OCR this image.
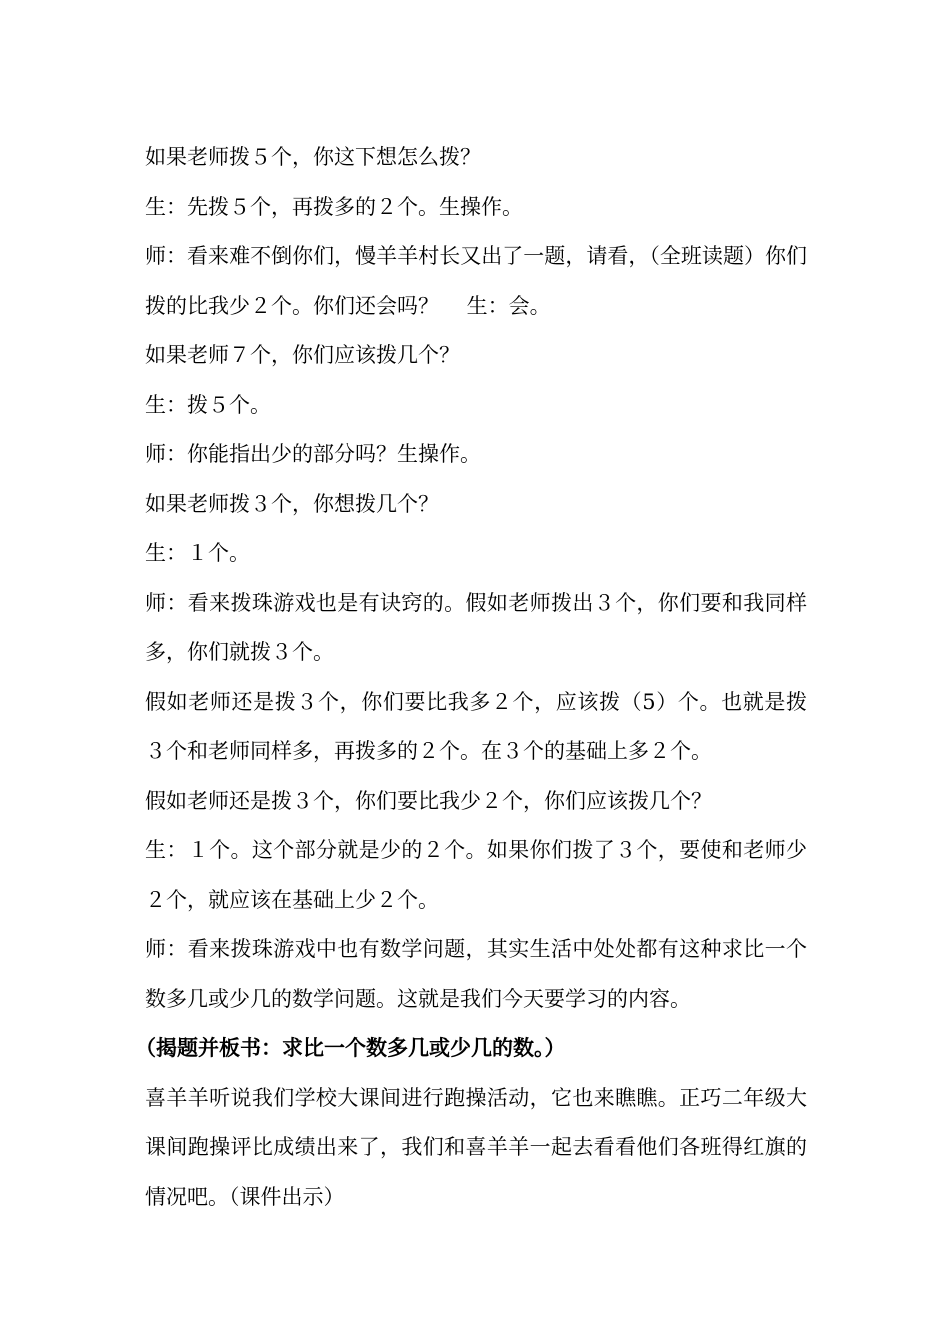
如果老师拨５个，你这下想怎么拨？

生：先拨５个，再拨多的２个。生操作。

师：看来难不倒你们，慢羊羊村长又出了一题，请看，（全班读题）你们拨的比我少２个。你们还会吗？　 生：会。

如果老师７个，你们应该拨几个？

生：拨５个。

师：你能指出少的部分吗？生操作。

如果老师拨３个，你想拨几个？

生：１个。

师：看来拨珠游戏也是有诀窍的。假如老师拨出３个，你们要和我同样多，你们就拨３个。

假如老师还是拨３个，你们要比我多２个，应该拨（5）个。也就是拨３个和老师同样多，再拨多的２个。在３个的基础上多２个。

假如老师还是拨３个，你们要比我少２个，你们应该拨几个？

生：１个。这个部分就是少的２个。如果你们拨了３个，要使和老师少２个，就应该在基础上少２个。

师：看来拨珠游戏中也有数学问题，其实生活中处处都有这种求比一个数多几或少几的数学问题。这就是我们今天要学习的内容。

（揭题并板书：求比一个数多几或少几的数。）

喜羊羊听说我们学校大课间进行跑操活动，它也来瞧瞧。正巧二年级大课间跑操评比成绩出来了，我们和喜羊羊一起去看看他们各班得红旗的情况吧。（课件出示）
